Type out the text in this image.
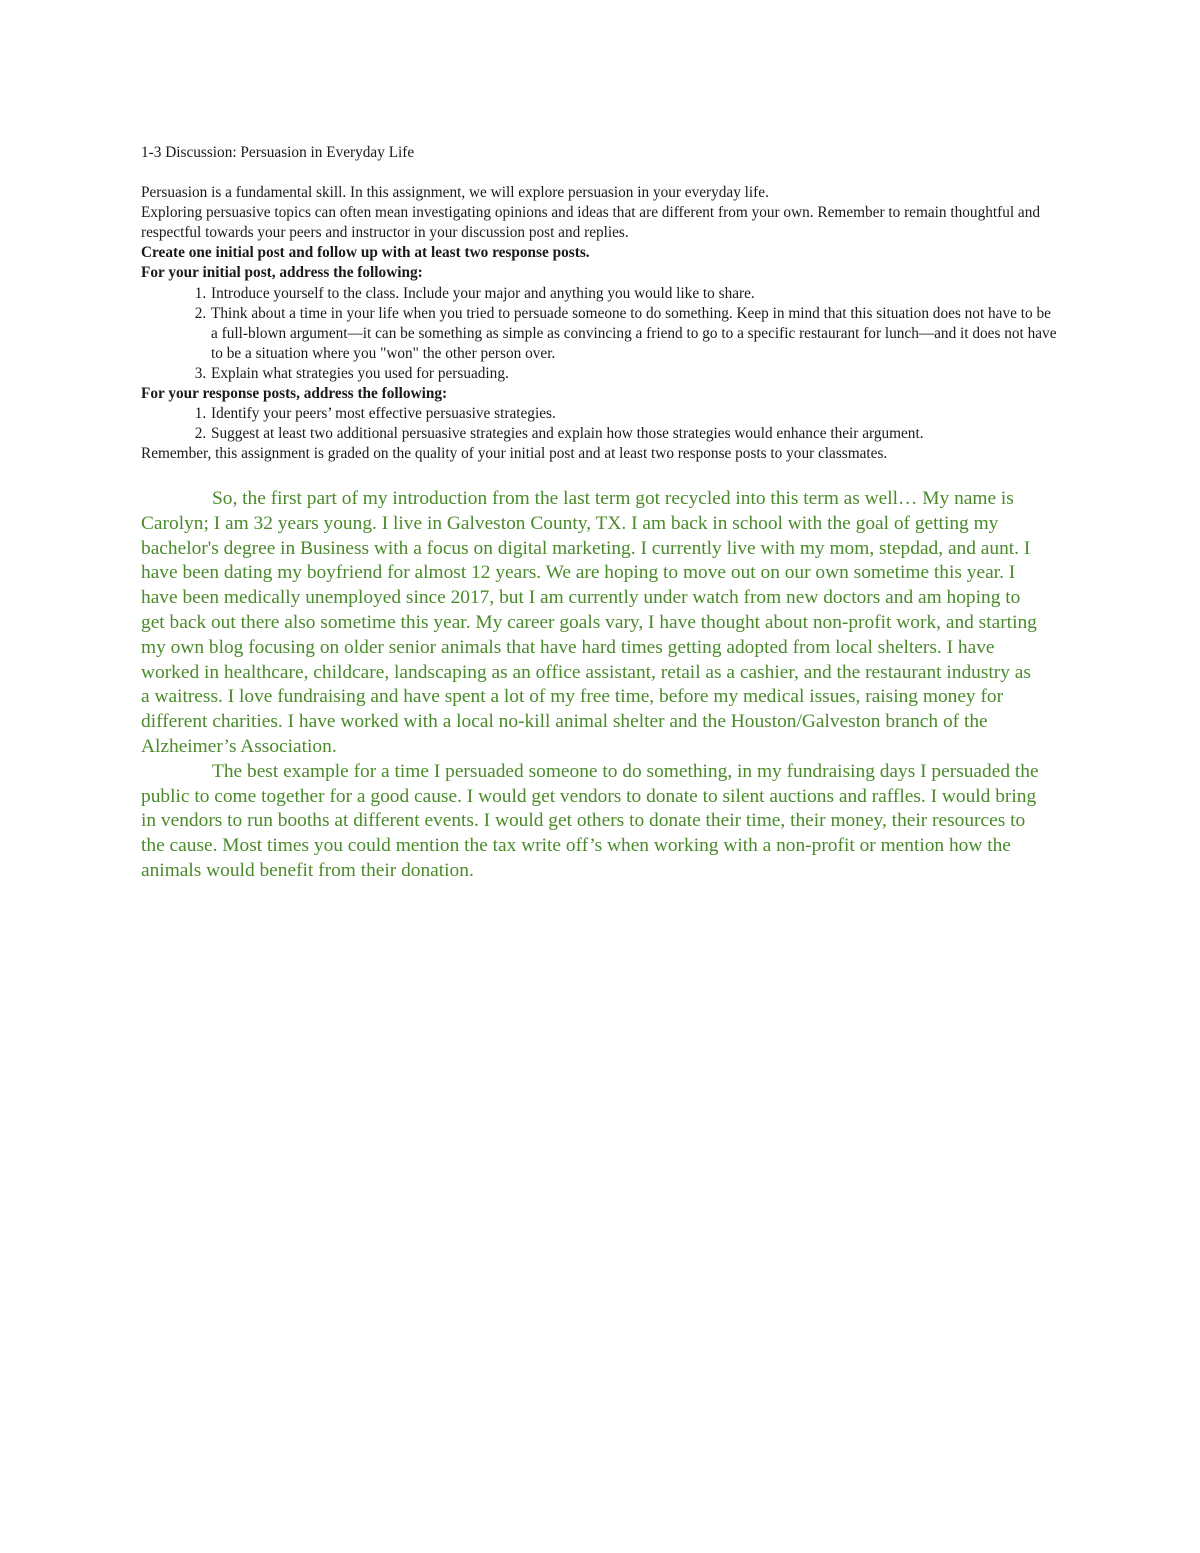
1-3 Discussion: Persuasion in Everyday Life

Persuasion is a fundamental skill. In this assignment, we will explore persuasion in your everyday life.

Exploring persuasive topics can often mean investigating opinions and ideas that are different from your own. Remember to remain thoughtful and respectful towards your peers and instructor in your discussion post and replies.

Create one initial post and follow up with at least two response posts.

For your initial post, address the following:

1. Introduce yourself to the class. Include your major and anything you would like to share.
2. Think about a time in your life when you tried to persuade someone to do something. Keep in mind that this situation does not have to be a full-blown argument—it can be something as simple as convincing a friend to go to a specific restaurant for lunch—and it does not have to be a situation where you "won" the other person over.
3. Explain what strategies you used for persuading.

For your response posts, address the following:

1. Identify your peers’ most effective persuasive strategies.
2. Suggest at least two additional persuasive strategies and explain how those strategies would enhance their argument.

Remember, this assignment is graded on the quality of your initial post and at least two response posts to your classmates.

So, the first part of my introduction from the last term got recycled into this term as well… My name is Carolyn; I am 32 years young. I live in Galveston County, TX. I am back in school with the goal of getting my bachelor's degree in Business with a focus on digital marketing. I currently live with my mom, stepdad, and aunt. I have been dating my boyfriend for almost 12 years. We are hoping to move out on our own sometime this year. I have been medically unemployed since 2017, but I am currently under watch from new doctors and am hoping to get back out there also sometime this year. My career goals vary, I have thought about non-profit work, and starting my own blog focusing on older senior animals that have hard times getting adopted from local shelters. I have worked in healthcare, childcare, landscaping as an office assistant, retail as a cashier, and the restaurant industry as a waitress. I love fundraising and have spent a lot of my free time, before my medical issues, raising money for different charities. I have worked with a local no-kill animal shelter and the Houston/Galveston branch of the Alzheimer’s Association.

The best example for a time I persuaded someone to do something, in my fundraising days I persuaded the public to come together for a good cause. I would get vendors to donate to silent auctions and raffles. I would bring in vendors to run booths at different events. I would get others to donate their time, their money, their resources to the cause. Most times you could mention the tax write off’s when working with a non-profit or mention how the animals would benefit from their donation.
